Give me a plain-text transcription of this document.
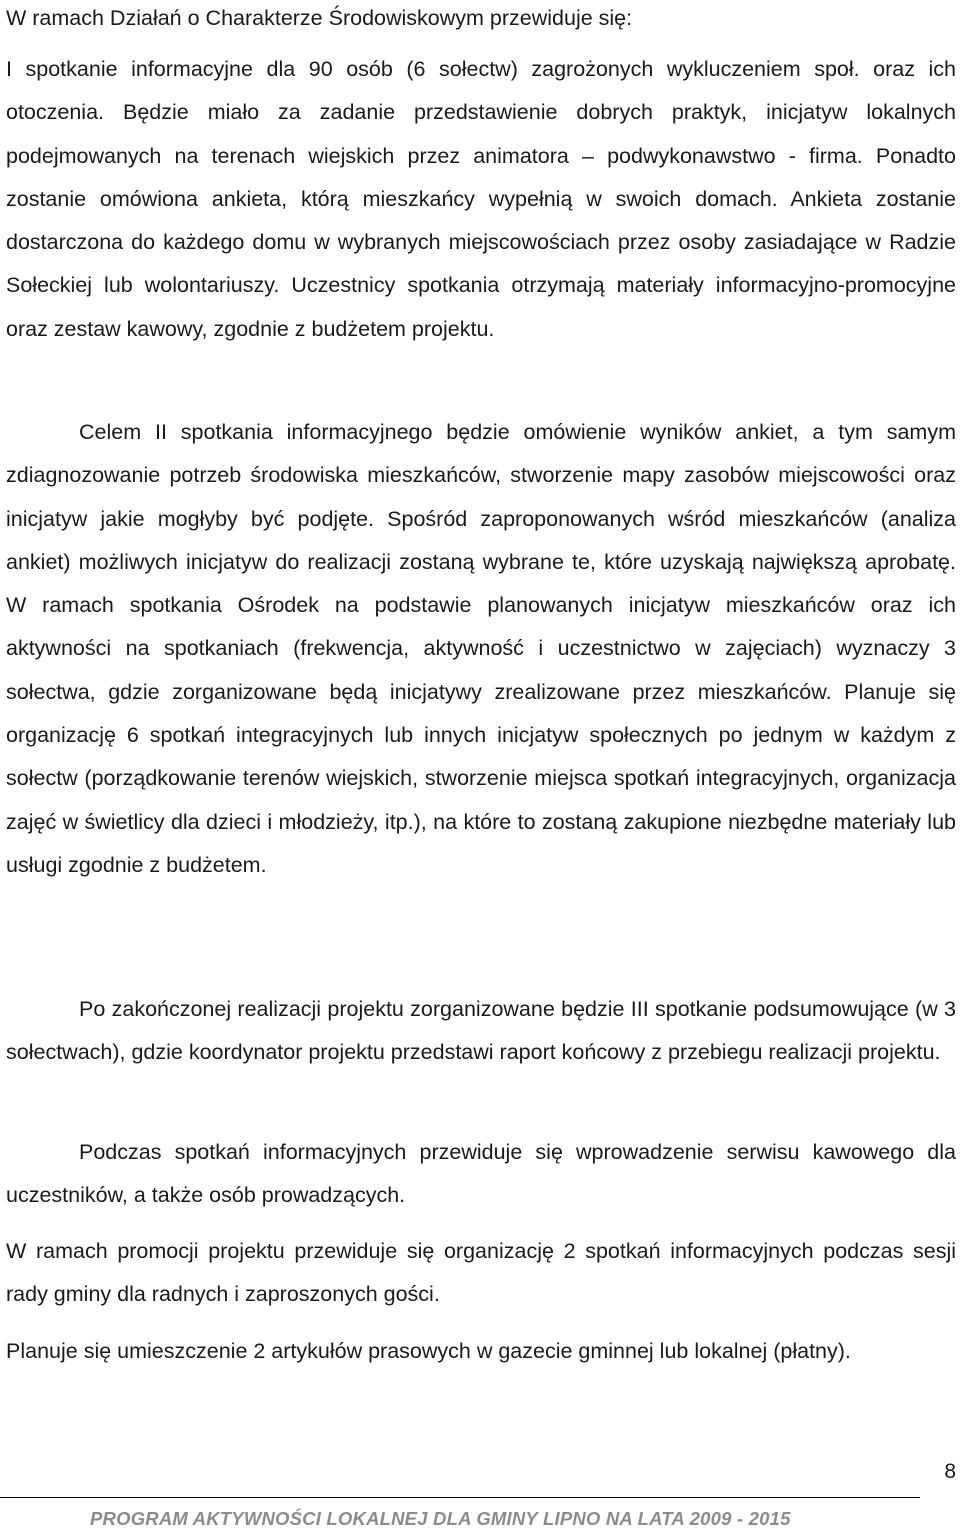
W ramach Działań o Charakterze Środowiskowym przewiduje się:

I spotkanie informacyjne dla 90 osób (6 sołectw) zagrożonych wykluczeniem społ. oraz ich otoczenia. Będzie miało za zadanie przedstawienie dobrych praktyk, inicjatyw lokalnych podejmowanych na terenach wiejskich przez animatora – podwykonawstwo - firma. Ponadto zostanie omówiona ankieta, którą mieszkańcy wypełnią w swoich domach. Ankieta zostanie dostarczona do każdego domu w wybranych miejscowościach przez osoby zasiadające w Radzie Sołeckiej lub wolontariuszy. Uczestnicy spotkania otrzymają materiały informacyjno-promocyjne oraz zestaw kawowy, zgodnie z budżetem projektu.

Celem II spotkania informacyjnego będzie omówienie wyników ankiet, a tym samym zdiagnozowanie potrzeb środowiska mieszkańców, stworzenie mapy zasobów miejscowości oraz inicjatyw jakie mogłyby być podjęte. Spośród zaproponowanych wśród mieszkańców (analiza ankiet) możliwych inicjatyw do realizacji zostaną wybrane te, które uzyskają największą aprobatę. W ramach spotkania Ośrodek na podstawie planowanych inicjatyw mieszkańców oraz ich aktywności na spotkaniach (frekwencja, aktywność i uczestnictwo w zajęciach) wyznaczy 3 sołectwa, gdzie zorganizowane będą inicjatywy zrealizowane przez mieszkańców. Planuje się organizację 6 spotkań integracyjnych lub innych inicjatyw społecznych po jednym w każdym z sołectw (porządkowanie terenów wiejskich, stworzenie miejsca spotkań integracyjnych, organizacja zajęć w świetlicy dla dzieci i młodzieży, itp.), na które to zostaną zakupione niezbędne materiały lub usługi zgodnie z budżetem.

Po zakończonej realizacji projektu zorganizowane będzie III spotkanie podsumowujące (w 3 sołectwach), gdzie koordynator projektu przedstawi raport końcowy z przebiegu realizacji projektu.

Podczas spotkań informacyjnych przewiduje się wprowadzenie serwisu kawowego dla uczestników, a także osób prowadzących.

W ramach promocji projektu przewiduje się organizację 2 spotkań informacyjnych podczas sesji rady gminy dla radnych i zaproszonych gości.

Planuje się umieszczenie 2 artykułów prasowych w gazecie gminnej lub lokalnej (płatny).

8
PROGRAM AKTYWNOŚCI LOKALNEJ DLA GMINY LIPNO NA LATA 2009 - 2015
